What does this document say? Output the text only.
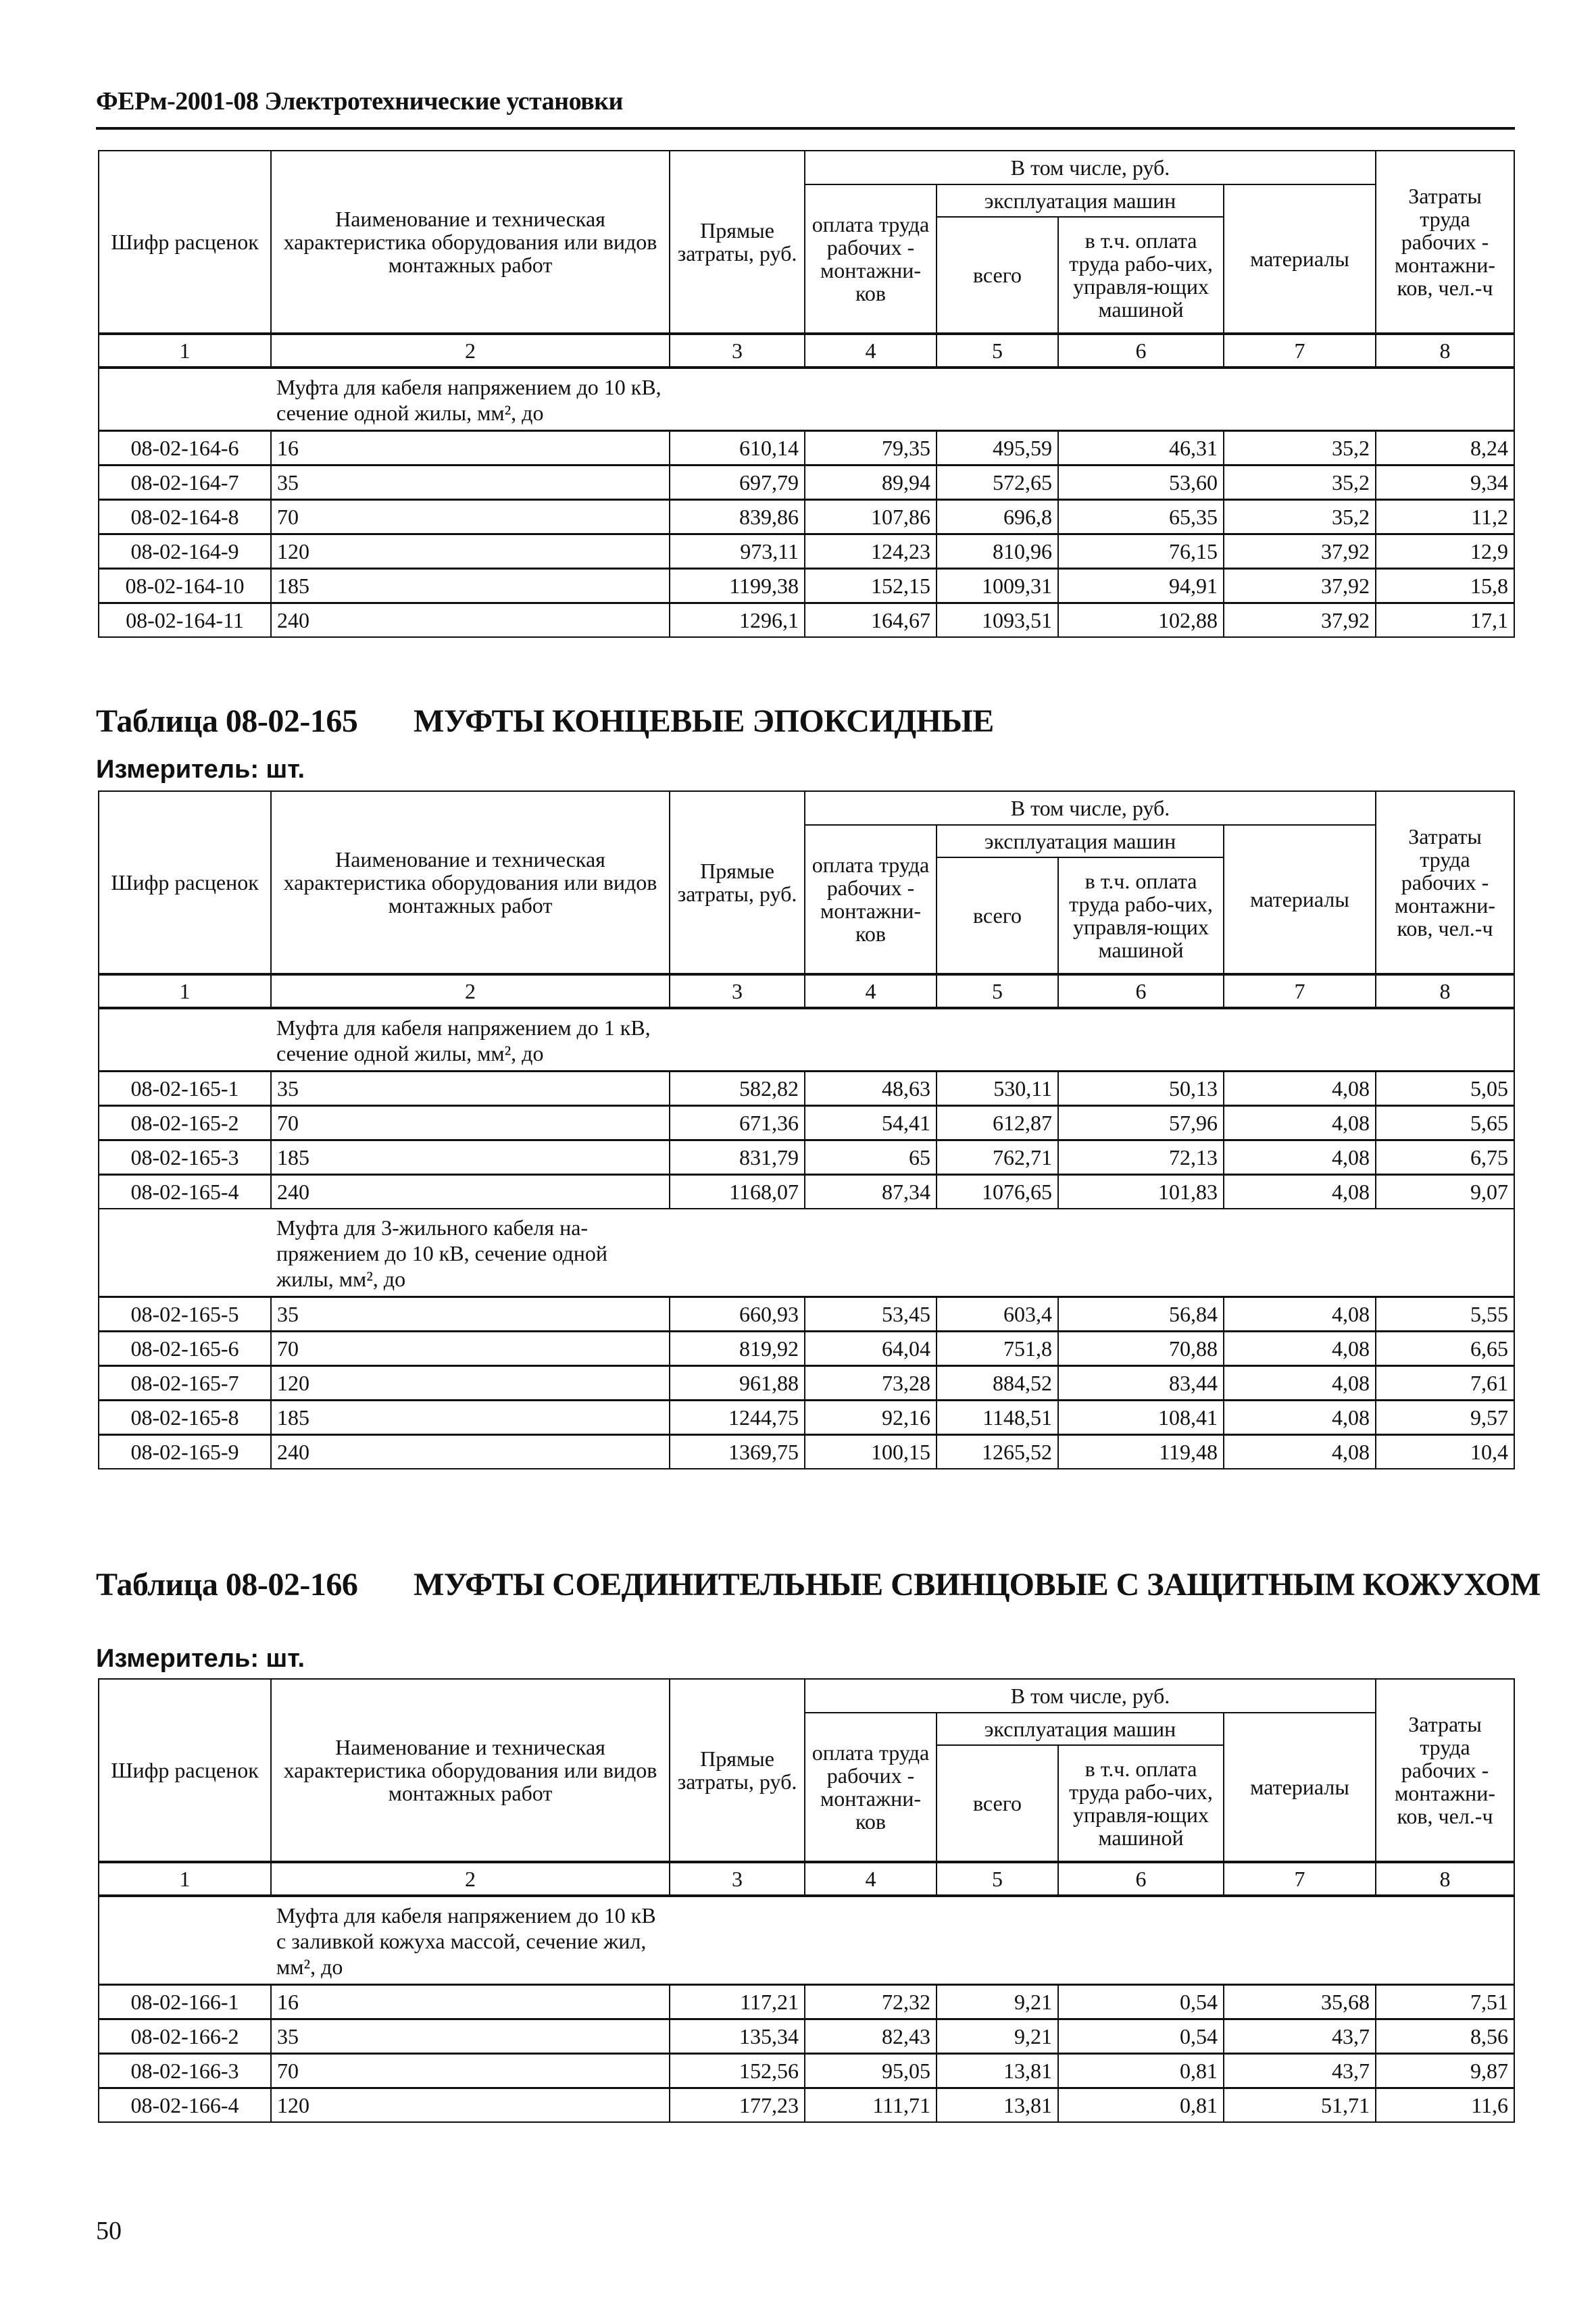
ФЕРм-2001-08 Электротехнические установки
Шифр расценок	Наименование и техническая характеристика оборудования или видов монтажных работ	Прямые затраты, руб.	В том числе, руб.				Затраты труда рабочих - монтажни-ков, чел.-ч
			оплата труда рабочих - монтажни-ков	эксплуатация машин		материалы	
				всего	в т.ч. оплата труда рабо-чих, управля-ющих машиной		
1	2	3	4	5	6	7	8

	Муфта для кабеля напряжением до 10 кВ, сечение одной жилы, мм², до						

08-02-164-6	16	610,14	79,35	495,59	46,31	35,2	8,24
08-02-164-7	35	697,79	89,94	572,65	53,60	35,2	9,34
08-02-164-8	70	839,86	107,86	696,8	65,35	35,2	11,2
08-02-164-9	120	973,11	124,23	810,96	76,15	37,92	12,9
08-02-164-10	185	1199,38	152,15	1009,31	94,91	37,92	15,8
08-02-164-11	240	1296,1	164,67	1093,51	102,88	37,92	17,1
Таблица 08-02-165	МУФТЫ КОНЦЕВЫЕ ЭПОКСИДНЫЕ
Измеритель: шт.
Шифр расценок	Наименование и техническая характеристика оборудования или видов монтажных работ	Прямые затраты, руб.	В том числе, руб.				Затраты труда рабочих - монтажни-ков, чел.-ч
			оплата труда рабочих - монтажни-ков	эксплуатация машин		материалы	
				всего	в т.ч. оплата труда рабо-чих, управля-ющих машиной		
1	2	3	4	5	6	7	8

	Муфта для кабеля напряжением до 1 кВ, сечение одной жилы, мм², до						

08-02-165-1	35	582,82	48,63	530,11	50,13	4,08	5,05
08-02-165-2	70	671,36	54,41	612,87	57,96	4,08	5,65
08-02-165-3	185	831,79	65	762,71	72,13	4,08	6,75
08-02-165-4	240	1168,07	87,34	1076,65	101,83	4,08	9,07

	Муфта для 3-жильного кабеля на-пряжением до 10 кВ, сечение одной жилы, мм², до						

08-02-165-5	35	660,93	53,45	603,4	56,84	4,08	5,55
08-02-165-6	70	819,92	64,04	751,8	70,88	4,08	6,65
08-02-165-7	120	961,88	73,28	884,52	83,44	4,08	7,61
08-02-165-8	185	1244,75	92,16	1148,51	108,41	4,08	9,57
08-02-165-9	240	1369,75	100,15	1265,52	119,48	4,08	10,4
Таблица 08-02-166	МУФТЫ СОЕДИНИТЕЛЬНЫЕ СВИНЦОВЫЕ С ЗАЩИТНЫМ КОЖУХОМ
Измеритель: шт.
Шифр расценок	Наименование и техническая характеристика оборудования или видов монтажных работ	Прямые затраты, руб.	В том числе, руб.				Затраты труда рабочих - монтажни-ков, чел.-ч
			оплата труда рабочих - монтажни-ков	эксплуатация машин		материалы	
				всего	в т.ч. оплата труда рабо-чих, управля-ющих машиной		
1	2	3	4	5	6	7	8

	Муфта для кабеля напряжением до 10 кВ с заливкой кожуха массой, сечение жил, мм², до						

08-02-166-1	16	117,21	72,32	9,21	0,54	35,68	7,51
08-02-166-2	35	135,34	82,43	9,21	0,54	43,7	8,56
08-02-166-3	70	152,56	95,05	13,81	0,81	43,7	9,87
08-02-166-4	120	177,23	111,71	13,81	0,81	51,71	11,6
50
